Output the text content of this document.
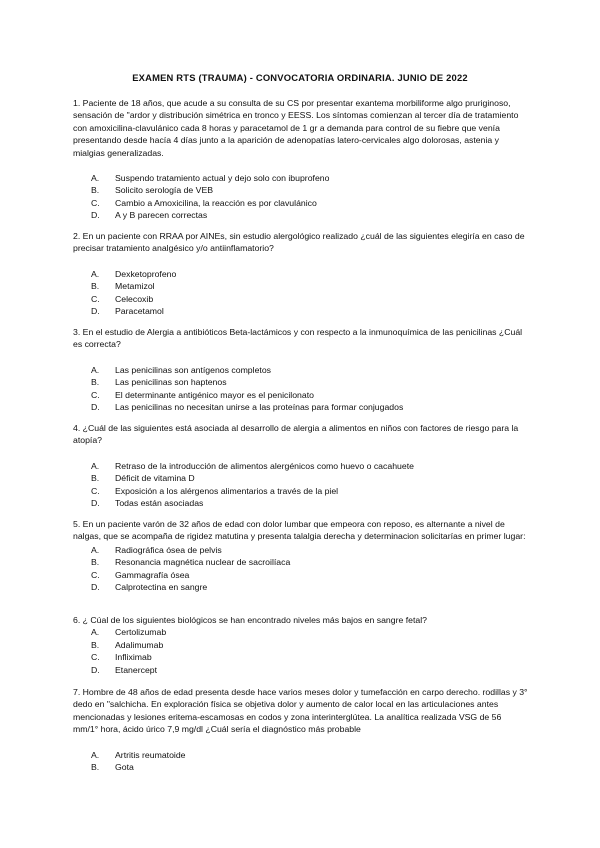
EXAMEN RTS (TRAUMA) - CONVOCATORIA ORDINARIA. JUNIO DE 2022

1. Paciente de 18 años, que acude a su consulta de su CS por presentar exantema morbiliforme algo pruriginoso, sensación de "ardor y distribución simétrica en tronco y EESS. Los síntomas comienzan al tercer día de tratamiento con amoxicilina-clavulánico cada 8 horas y paracetamol de 1 gr a demanda para control de su fiebre que venía presentando desde hacía 4 días junto a la aparición de adenopatías latero-cervicales algo dolorosas, astenia y mialgias generalizadas.

A.	Suspendo tratamiento actual y dejo solo con ibuprofeno
B.	Solicito serología de VEB
C.	Cambio a Amoxicilina, la reacción es por clavulánico
D.	A y B parecen correctas

2. En un paciente con RRAA por AINEs, sin estudio alergológico realizado ¿cuál de las siguientes elegiría en caso de precisar tratamiento analgésico y/o antiinflamatorio?

A.	Dexketoprofeno
B.	Metamizol
C.	Celecoxib
D.	Paracetamol

3. En el estudio de Alergia a antibióticos Beta-lactámicos y con respecto a la inmunoquímica de las penicilinas ¿Cuál es correcta?

A.	Las penicilinas son antígenos completos
B.	Las penicilinas son haptenos
C.	El determinante antigénico mayor es el penicilonato
D.	Las penicilinas no necesitan unirse a las proteínas para formar conjugados

4. ¿Cuál de las siguientes está asociada al desarrollo de alergia a alimentos en niños con factores de riesgo para la atopía?

A.	Retraso de la introducción de alimentos alergénicos como huevo o cacahuete
B.	Déficit de vitamina D
C.	Exposición a los alérgenos alimentarios a través de la piel
D.	Todas están asociadas

5. En un paciente varón de 32 años de edad con dolor lumbar que empeora con reposo, es alternante a nivel de nalgas, que se acompaña de rigidez matutina y presenta talalgia derecha y determinacion solicitarías en primer lugar:

A.	Radiográfica ósea de pelvis
B.	Resonancia magnética nuclear de sacroilíaca
C.	Gammagrafía ósea
D.	Calprotectina en sangre

6. ¿ Cúal de los siguientes biológicos se han encontrado niveles más bajos en sangre fetal?

A.	Certolizumab
B.	Adalimumab
C.	Infliximab
D.	Etanercept

7. Hombre de 48 años de edad presenta desde hace varios meses dolor y tumefacción en carpo derecho. rodillas y 3° dedo en "salchicha. En exploración física se objetiva dolor y aumento de calor local en las articulaciones antes mencionadas y lesiones eritema-escamosas en codos y zona interinterglútea. La analítica realizada VSG de 56 mm/1° hora, ácido úrico 7,9 mg/dl ¿Cuál sería el diagnóstico más probable

A.	Artritis reumatoide
B.	Gota
